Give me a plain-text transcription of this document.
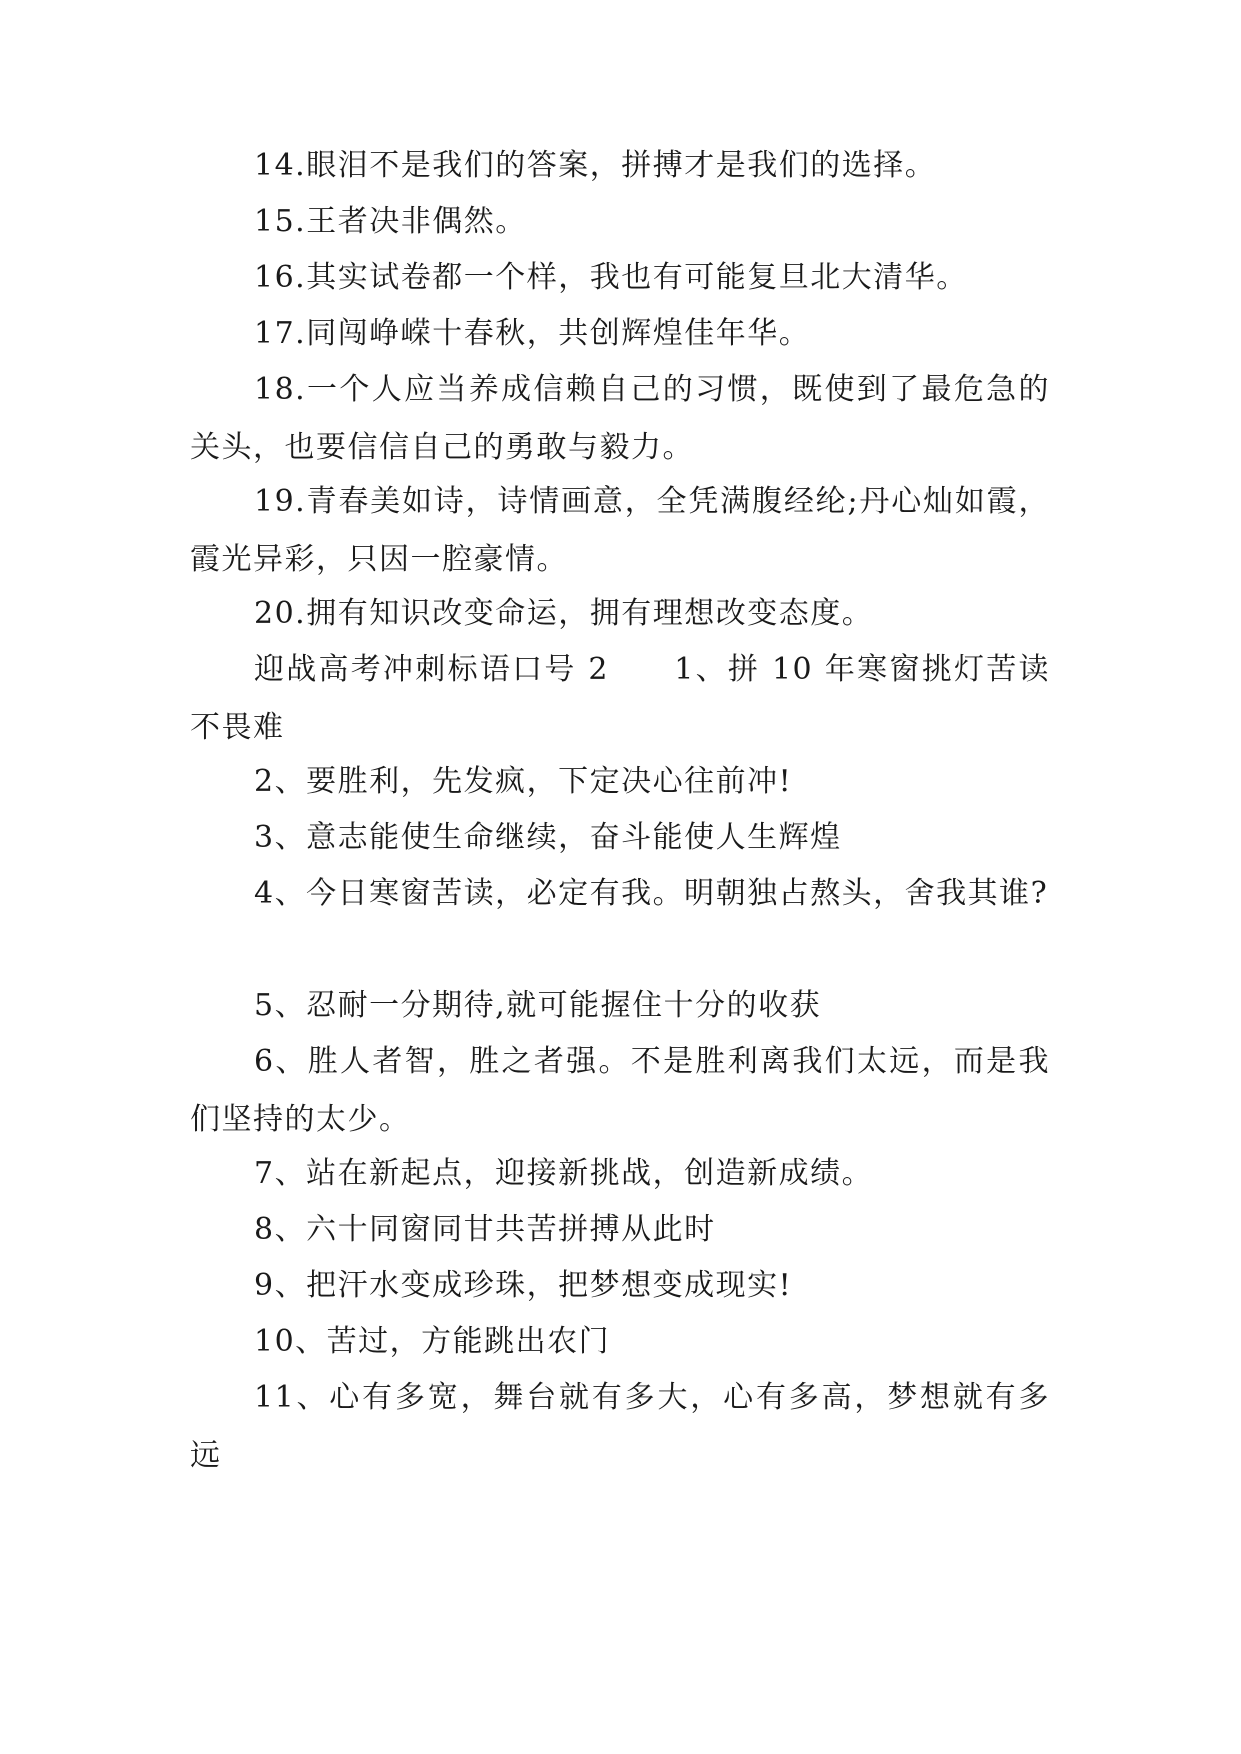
14.眼泪不是我们的答案，拼搏才是我们的选择。

15.王者决非偶然。

16.其实试卷都一个样，我也有可能复旦北大清华。

17.同闯峥嵘十春秋，共创辉煌佳年华。

18.一个人应当养成信赖自己的习惯，既使到了最危急的关头，也要信信自己的勇敢与毅力。

19.青春美如诗，诗情画意，全凭满腹经纶;丹心灿如霞，霞光异彩，只因一腔豪情。

20.拥有知识改变命运，拥有理想改变态度。

迎战高考冲刺标语口号 2　　1、拼 10 年寒窗挑灯苦读不畏难

2、要胜利，先发疯，下定决心往前冲!

3、意志能使生命继续，奋斗能使人生辉煌

4、今日寒窗苦读，必定有我。明朝独占熬头，舍我其谁?

5、忍耐一分期待,就可能握住十分的收获

6、胜人者智，胜之者强。不是胜利离我们太远，而是我们坚持的太少。

7、站在新起点，迎接新挑战，创造新成绩。

8、六十同窗同甘共苦拼搏从此时

9、把汗水变成珍珠，把梦想变成现实!

10、苦过，方能跳出农门

11、心有多宽，舞台就有多大，心有多高，梦想就有多远
